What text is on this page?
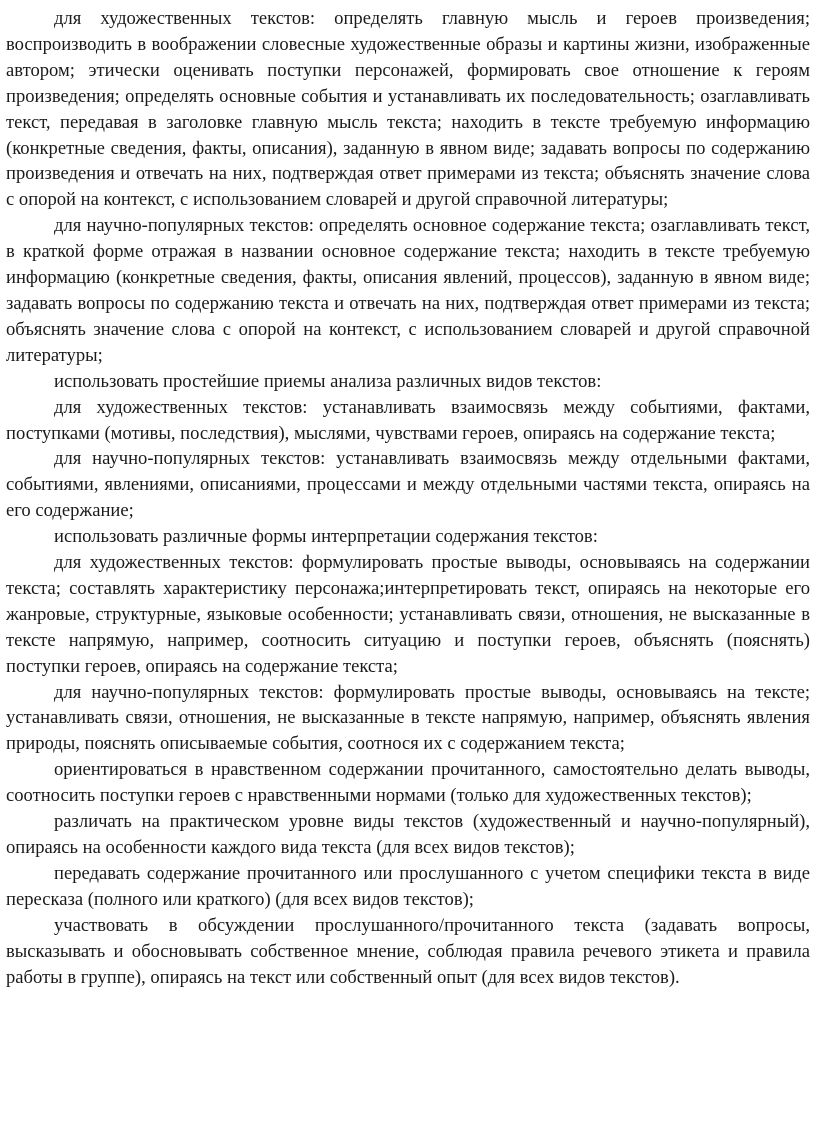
для художественных текстов: определять главную мысль и героев произведения; воспроизводить в воображении словесные художественные образы и картины жизни, изображенные автором; этически оценивать поступки персонажей, формировать свое отношение к героям произведения; определять основные события и устанавливать их последовательность; озаглавливать текст, передавая в заголовке главную мысль текста; находить в тексте требуемую информацию (конкретные сведения, факты, описания), заданную в явном виде; задавать вопросы по содержанию произведения и отвечать на них, подтверждая ответ примерами из текста; объяснять значение слова с опорой на контекст, с использованием словарей и другой справочной литературы;

для научно-популярных текстов: определять основное содержание текста; озаглавливать текст, в краткой форме отражая в названии основное содержание текста; находить в тексте требуемую информацию (конкретные сведения, факты, описания явлений, процессов), заданную в явном виде; задавать вопросы по содержанию текста и отвечать на них, подтверждая ответ примерами из текста; объяснять значение слова с опорой на контекст, с использованием словарей и другой справочной литературы;

использовать простейшие приемы анализа различных видов текстов:

для художественных текстов: устанавливать взаимосвязь между событиями, фактами, поступками (мотивы, последствия), мыслями, чувствами героев, опираясь на содержание текста;

для научно-популярных текстов: устанавливать взаимосвязь между отдельными фактами, событиями, явлениями, описаниями, процессами и между отдельными частями текста, опираясь на его содержание;

использовать различные формы интерпретации содержания текстов:

для художественных текстов: формулировать простые выводы, основываясь на содержании текста; составлять характеристику персонажа;интерпретировать текст, опираясь на некоторые его жанровые, структурные, языковые особенности; устанавливать связи, отношения, не высказанные в тексте напрямую, например, соотносить ситуацию и поступки героев, объяснять (пояснять) поступки героев, опираясь на содержание текста;

для научно-популярных текстов: формулировать простые выводы, основываясь на тексте; устанавливать связи, отношения, не высказанные в тексте напрямую, например, объяснять явления природы, пояснять описываемые события, соотнося их с содержанием текста;

ориентироваться в нравственном содержании прочитанного, самостоятельно делать выводы, соотносить поступки героев с нравственными нормами (только для художественных текстов);

различать на практическом уровне виды текстов (художественный и научно-популярный), опираясь на особенности каждого вида текста (для всех видов текстов);

передавать содержание прочитанного или прослушанного с учетом специфики текста в виде пересказа (полного или краткого) (для всех видов текстов);

участвовать в обсуждении прослушанного/прочитанного текста (задавать вопросы, высказывать и обосновывать собственное мнение, соблюдая правила речевого этикета и правила работы в группе), опираясь на текст или собственный опыт (для всех видов текстов).
